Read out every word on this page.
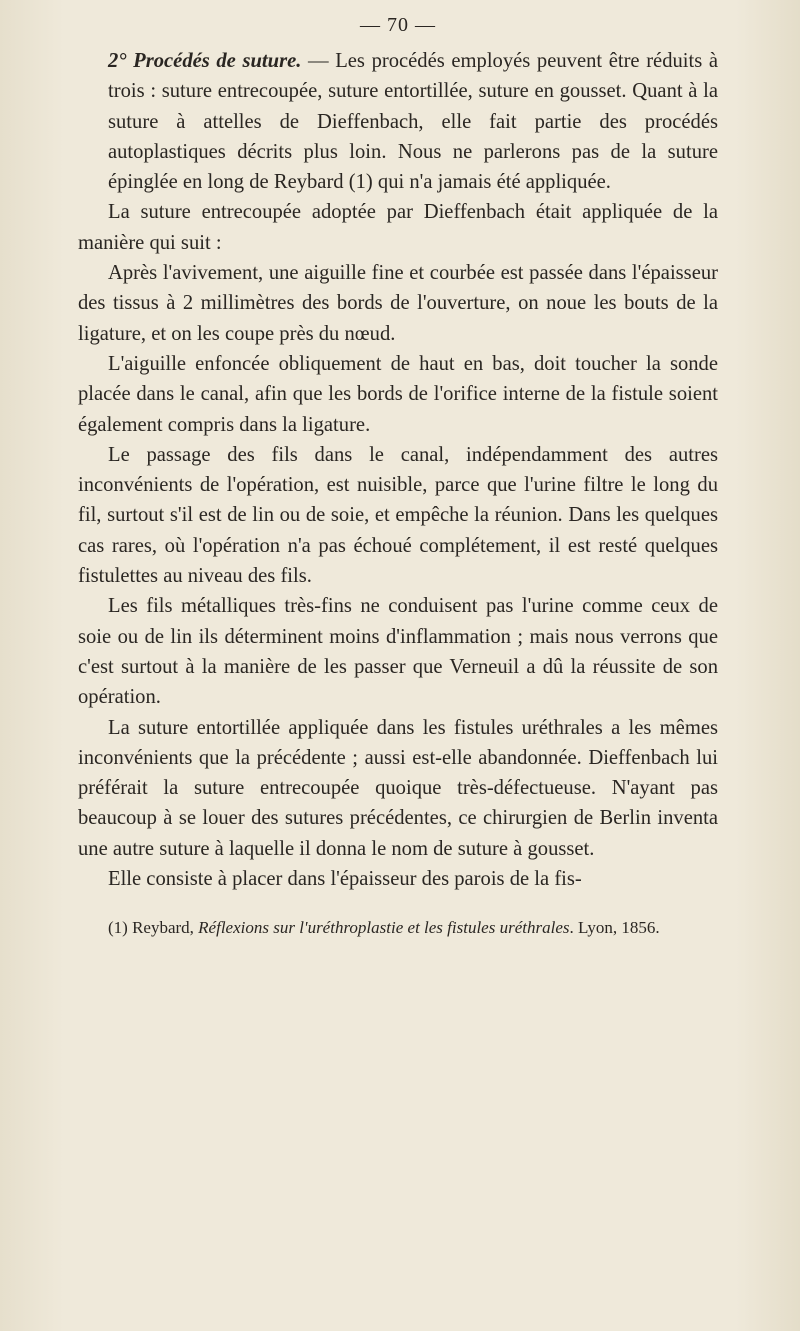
— 70 —

2° Procédés de suture. — Les procédés employés peuvent être réduits à trois : suture entrecoupée, suture entortillée, suture en gousset. Quant à la suture à attelles de Dieffenbach, elle fait partie des procédés autoplastiques décrits plus loin. Nous ne parlerons pas de la suture épinglée en long de Reybard (1) qui n'a jamais été appliquée.

La suture entrecoupée adoptée par Dieffenbach était appliquée de la manière qui suit :

Après l'avivement, une aiguille fine et courbée est passée dans l'épaisseur des tissus à 2 millimètres des bords de l'ouverture, on noue les bouts de la ligature, et on les coupe près du nœud.

L'aiguille enfoncée obliquement de haut en bas, doit toucher la sonde placée dans le canal, afin que les bords de l'orifice interne de la fistule soient également compris dans la ligature.

Le passage des fils dans le canal, indépendamment des autres inconvénients de l'opération, est nuisible, parce que l'urine filtre le long du fil, surtout s'il est de lin ou de soie, et empêche la réunion. Dans les quelques cas rares, où l'opération n'a pas échoué complétement, il est resté quelques fistulettes au niveau des fils.

Les fils métalliques très-fins ne conduisent pas l'urine comme ceux de soie ou de lin ils déterminent moins d'inflammation ; mais nous verrons que c'est surtout à la manière de les passer que Verneuil a dû la réussite de son opération.

La suture entortillée appliquée dans les fistules uréthrales a les mêmes inconvénients que la précédente ; aussi est-elle abandonnée. Dieffenbach lui préférait la suture entrecoupée quoique très-défectueuse. N'ayant pas beaucoup à se louer des sutures précédentes, ce chirurgien de Berlin inventa une autre suture à laquelle il donna le nom de suture à gousset.

Elle consiste à placer dans l'épaisseur des parois de la fis-

(1) Reybard, Réflexions sur l'uréthroplastie et les fistules uréthrales. Lyon, 1856.
